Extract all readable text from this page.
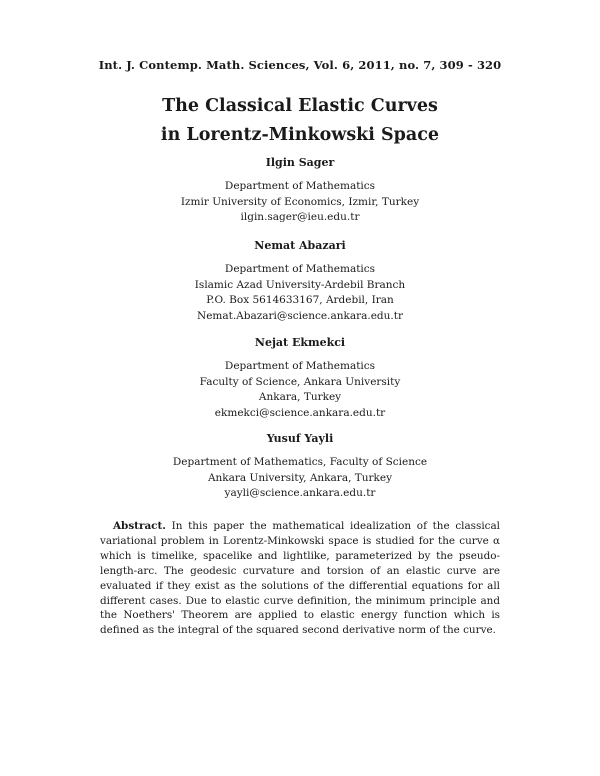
Int. J. Contemp. Math. Sciences, Vol. 6, 2011, no. 7, 309 - 320
The Classical Elastic Curves
in Lorentz-Minkowski Space
Ilgin Sager
Department of Mathematics
Izmir University of Economics, Izmir, Turkey
ilgin.sager@ieu.edu.tr
Nemat Abazari
Department of Mathematics
Islamic Azad University-Ardebil Branch
P.O. Box 5614633167, Ardebil, Iran
Nemat.Abazari@science.ankara.edu.tr
Nejat Ekmekci
Department of Mathematics
Faculty of Science, Ankara University
Ankara, Turkey
ekmekci@science.ankara.edu.tr
Yusuf Yayli
Department of Mathematics, Faculty of Science
Ankara University, Ankara, Turkey
yayli@science.ankara.edu.tr
Abstract. In this paper the mathematical idealization of the classical variational problem in Lorentz-Minkowski space is studied for the curve α which is timelike, spacelike and lightlike, parameterized by the pseudo-length-arc. The geodesic curvature and torsion of an elastic curve are evaluated if they exist as the solutions of the differential equations for all different cases. Due to elastic curve definition, the minimum principle and the Noethers' Theorem are applied to elastic energy function which is defined as the integral of the squared second derivative norm of the curve.
